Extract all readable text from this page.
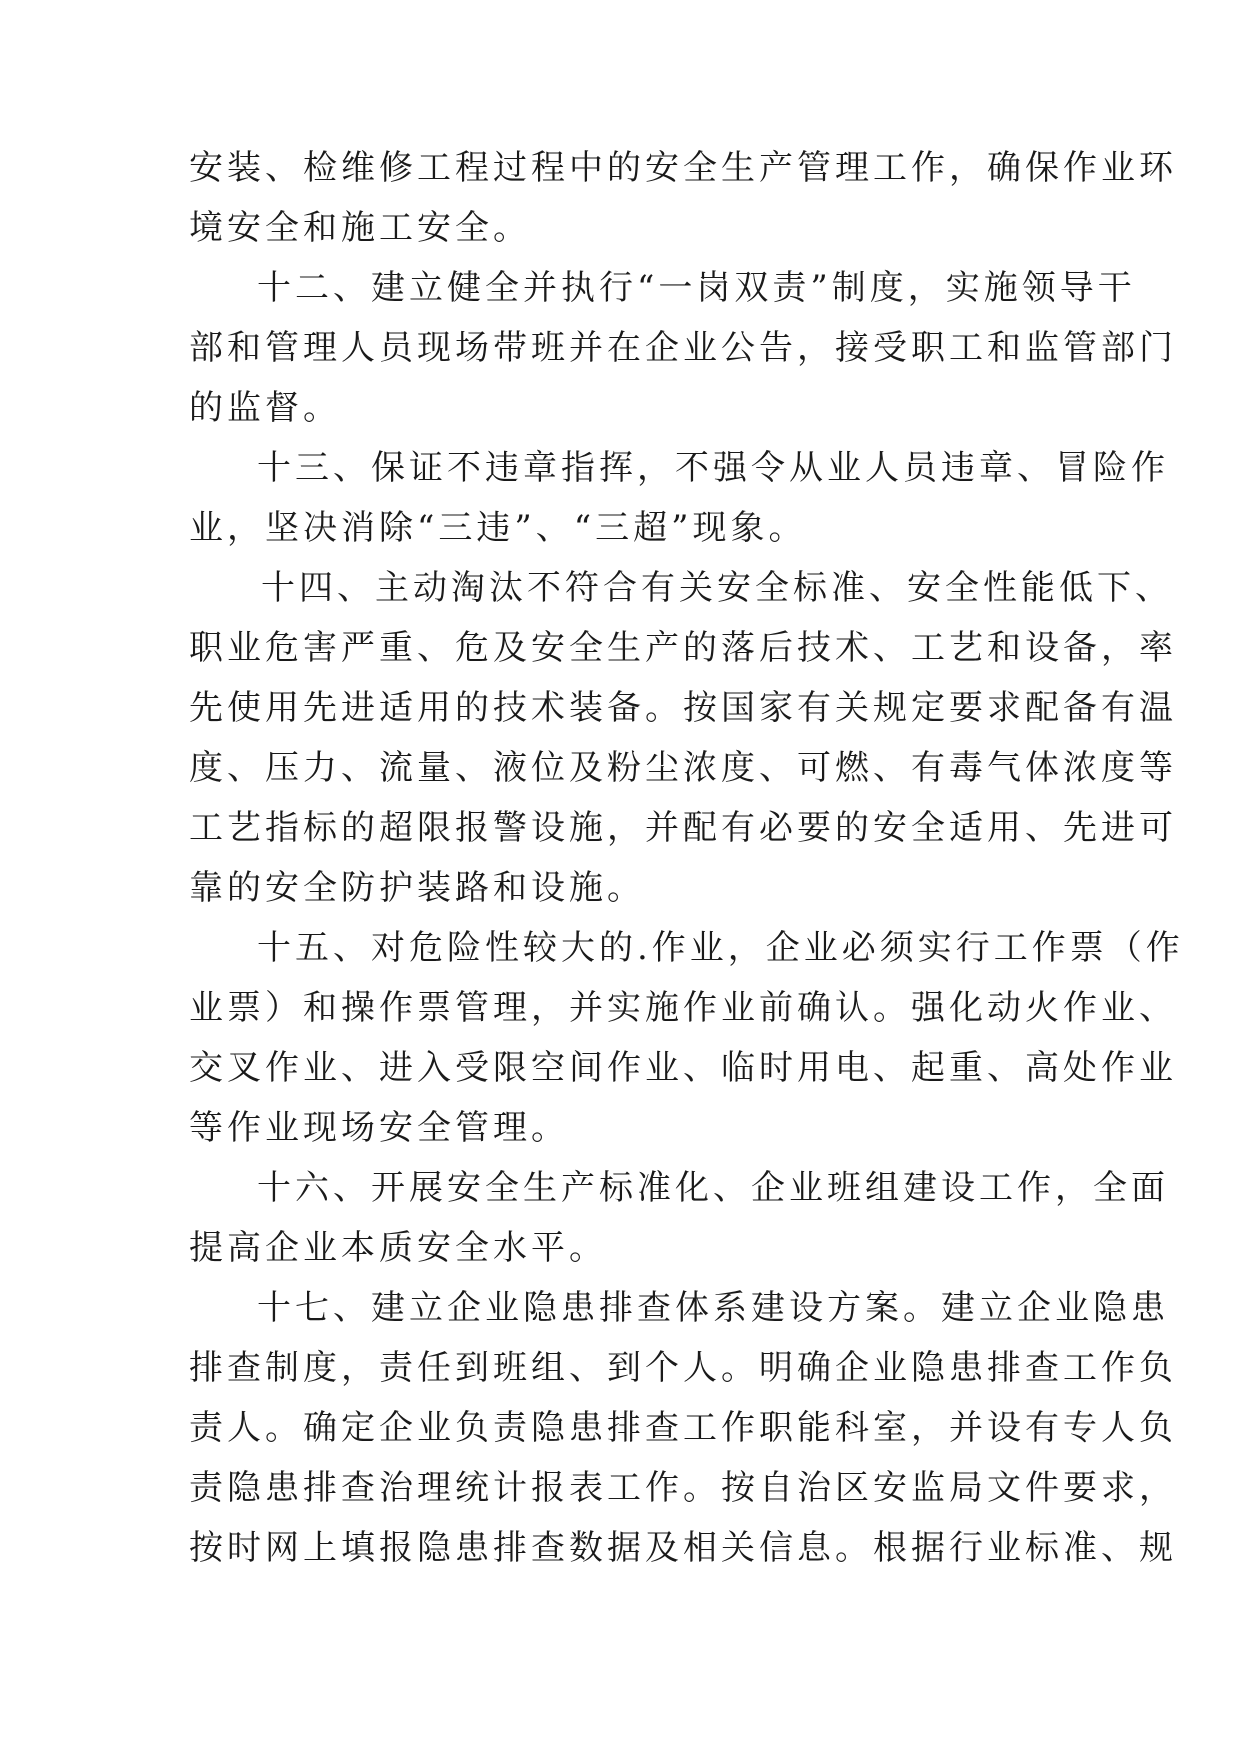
安装、检维修工程过程中的安全生产管理工作，确保作业环
境安全和施工安全。
十二、建立健全并执行“一岗双责”制度，实施领导干
部和管理人员现场带班并在企业公告，接受职工和监管部门
的监督。
十三、保证不违章指挥，不强令从业人员违章、冒险作
业，坚决消除“三违”、“三超”现象。
十四、主动淘汰不符合有关安全标准、安全性能低下、
职业危害严重、危及安全生产的落后技术、工艺和设备，率
先使用先进适用的技术装备。按国家有关规定要求配备有温
度、压力、流量、液位及粉尘浓度、可燃、有毒气体浓度等
工艺指标的超限报警设施，并配有必要的安全适用、先进可
靠的安全防护装路和设施。
十五、对危险性较大的.作业，企业必须实行工作票（作
业票）和操作票管理，并实施作业前确认。强化动火作业、
交叉作业、进入受限空间作业、临时用电、起重、高处作业
等作业现场安全管理。
十六、开展安全生产标准化、企业班组建设工作，全面
提高企业本质安全水平。
十七、建立企业隐患排查体系建设方案。建立企业隐患
排查制度，责任到班组、到个人。明确企业隐患排查工作负
责人。确定企业负责隐患排查工作职能科室，并设有专人负
责隐患排查治理统计报表工作。按自治区安监局文件要求，
按时网上填报隐患排查数据及相关信息。根据行业标准、规
